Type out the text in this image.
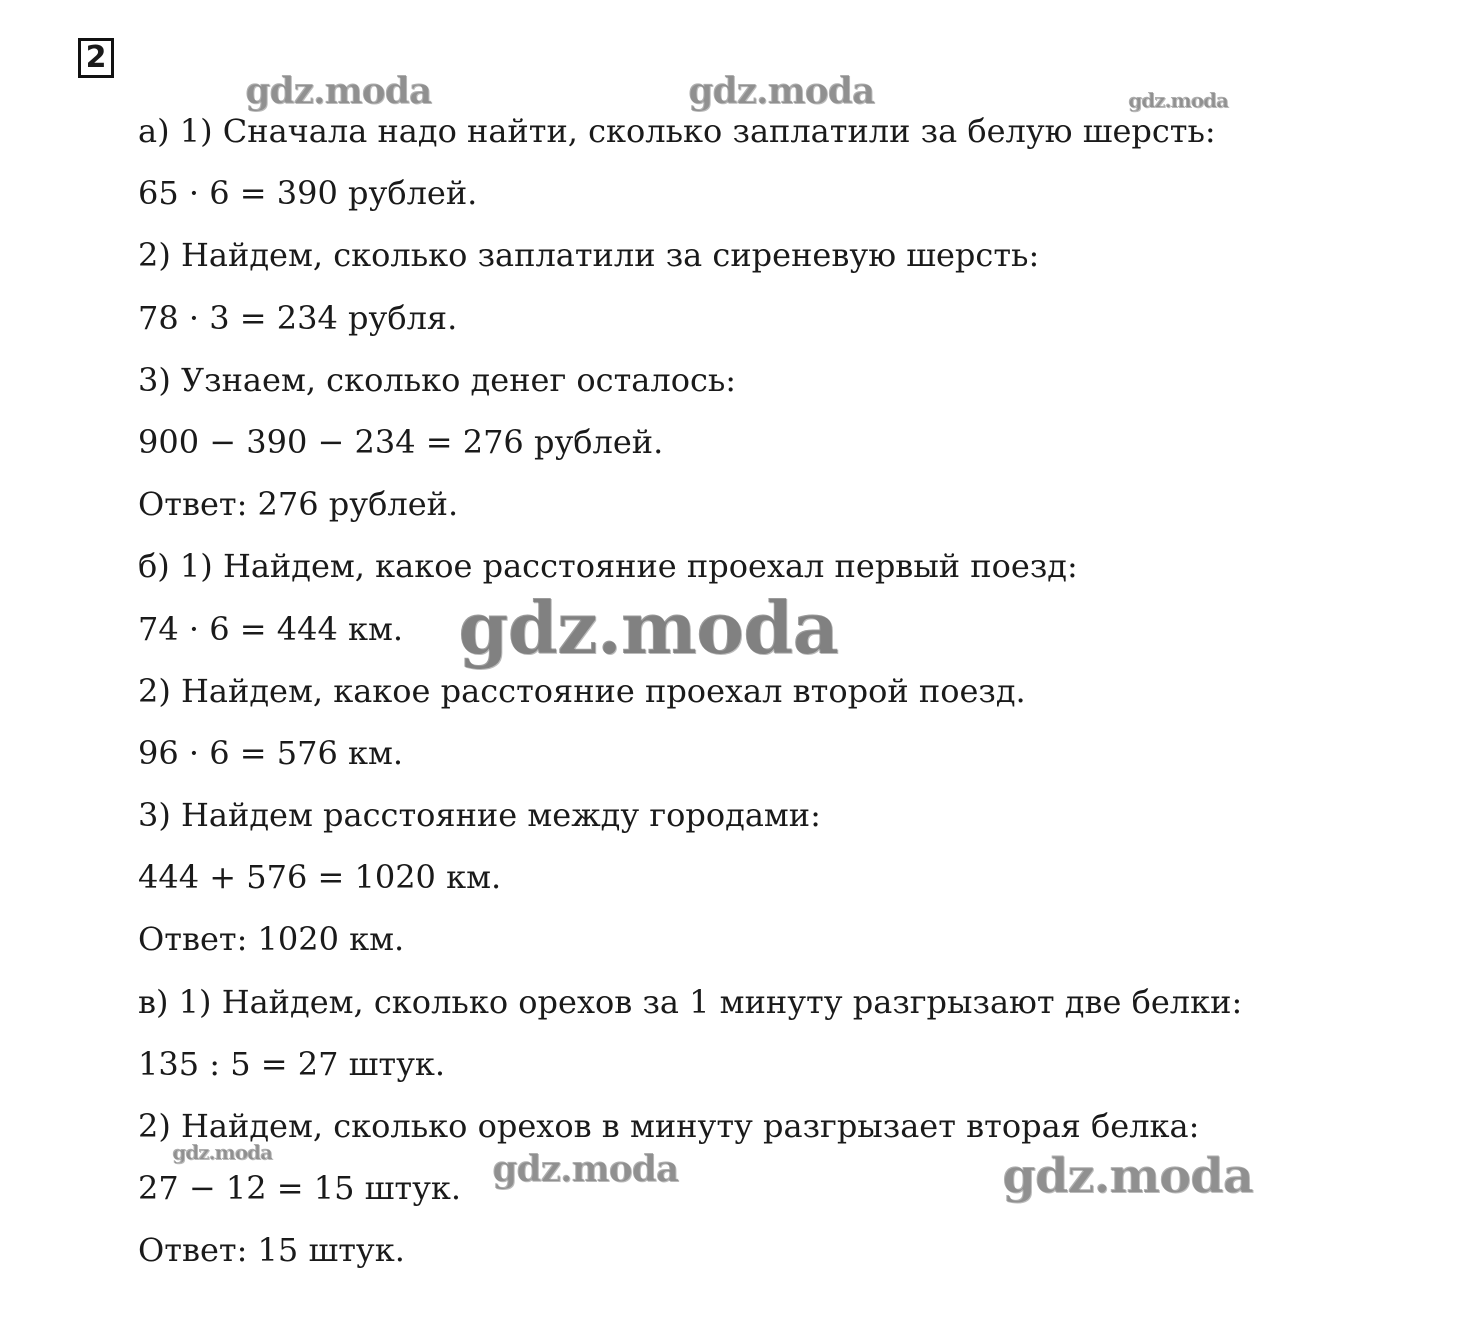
2
а) 1) Сначала надо найти, сколько заплатили за белую шерсть:
65 · 6 = 390 рублей.
2) Найдем, сколько заплатили за сиреневую шерсть:
78 · 3 = 234 рубля.
3) Узнаем, сколько денег осталось:
900 − 390 − 234 = 276 рублей.
Ответ: 276 рублей.
б) 1) Найдем, какое расстояние проехал первый поезд:
74 · 6 = 444 км.
2) Найдем, какое расстояние проехал второй поезд.
96 · 6 = 576 км.
3) Найдем расстояние между городами:
444 + 576 = 1020 км.
Ответ: 1020 км.
в) 1) Найдем, сколько орехов за 1 минуту разгрызают две белки:
135 : 5 = 27 штук.
2) Найдем, сколько орехов в минуту разгрызает вторая белка:
27 − 12 = 15 штук.
Ответ: 15 штук.
gdz.moda	gdz.moda	gdz.moda
gdz.moda
gdz.moda	gdz.moda	gdz.moda
